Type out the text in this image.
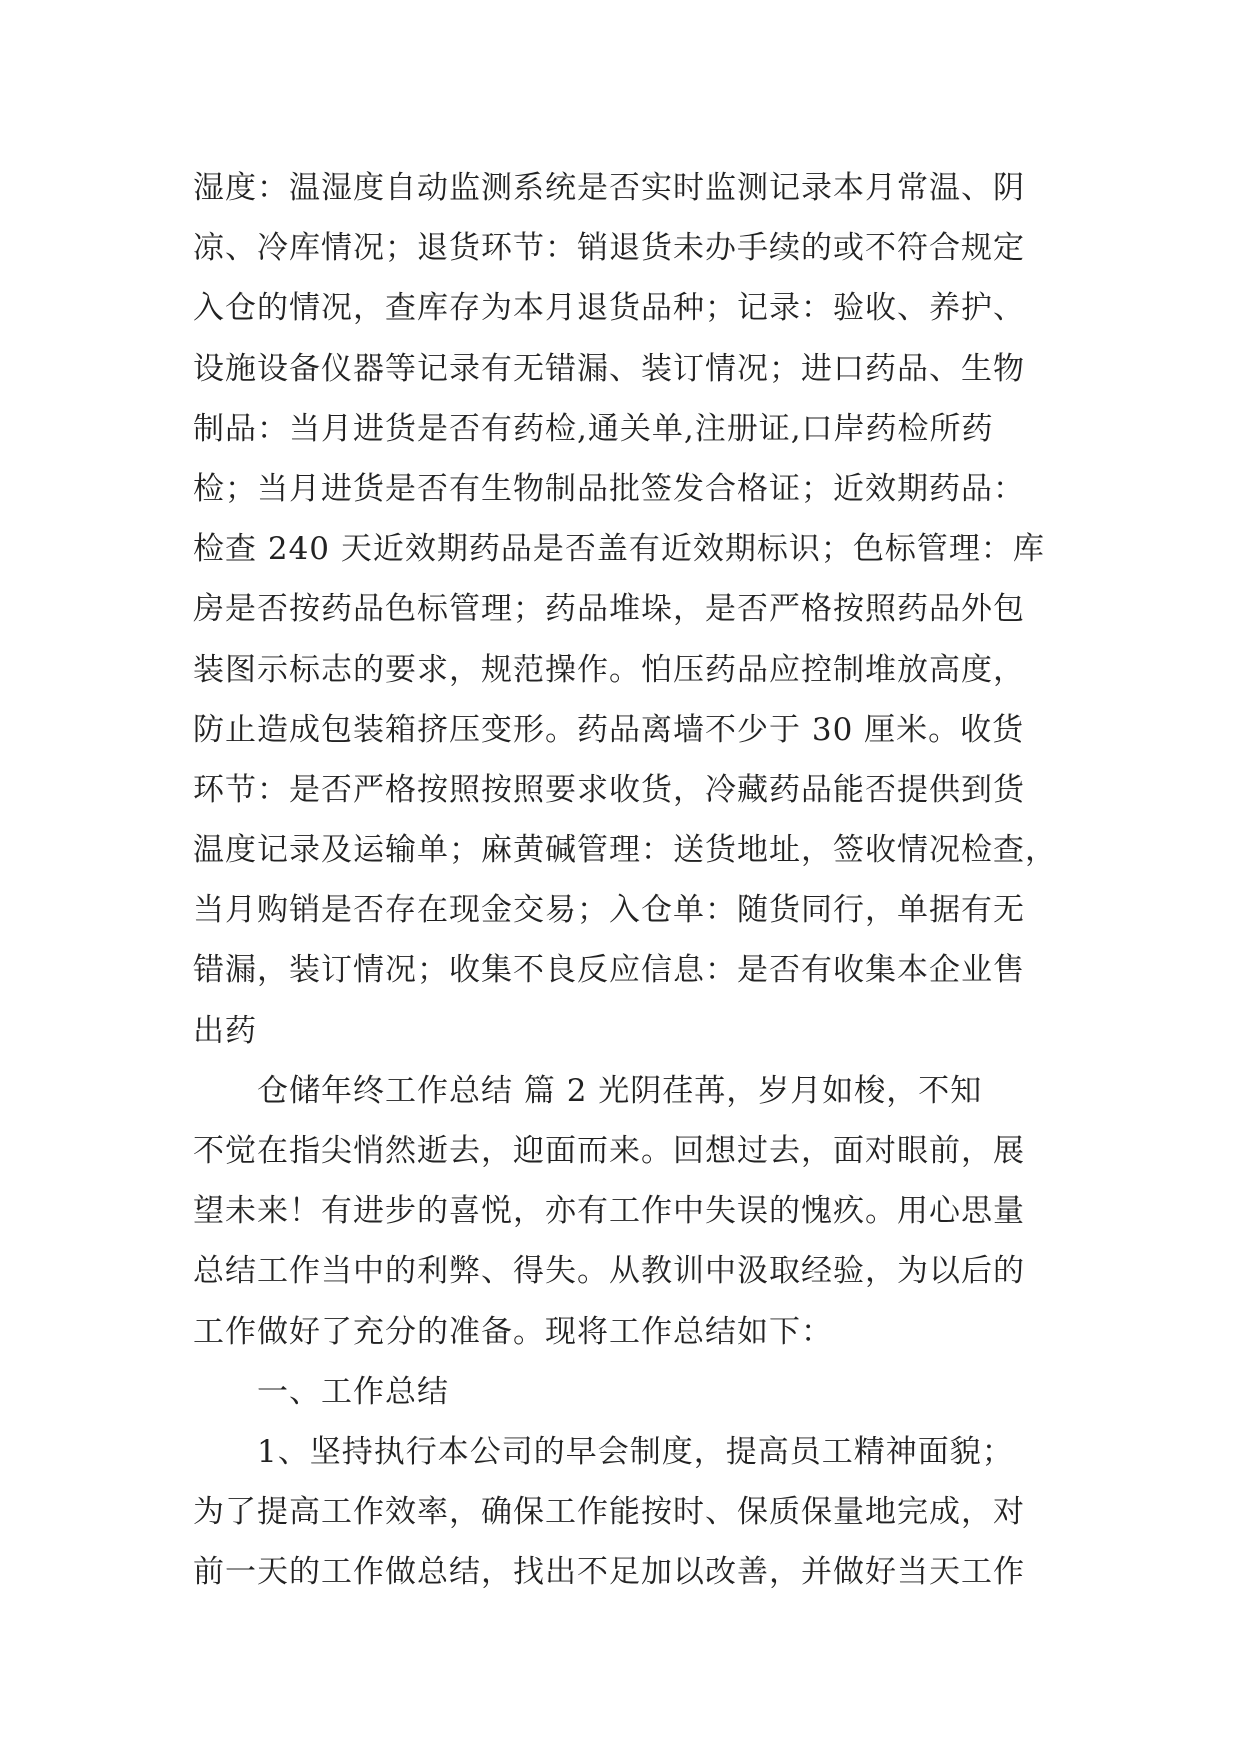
湿度：温湿度自动监测系统是否实时监测记录本月常温、阴
凉、冷库情况；退货环节：销退货未办手续的或不符合规定
入仓的情况，查库存为本月退货品种；记录：验收、养护、
设施设备仪器等记录有无错漏、装订情况；进口药品、生物
制品：当月进货是否有药检,通关单,注册证,口岸药检所药
检；当月进货是否有生物制品批签发合格证；近效期药品：
检查 240 天近效期药品是否盖有近效期标识；色标管理：库
房是否按药品色标管理；药品堆垛，是否严格按照药品外包
装图示标志的要求，规范操作。怕压药品应控制堆放高度，
防止造成包装箱挤压变形。药品离墙不少于 30 厘米。收货
环节：是否严格按照按照要求收货，冷藏药品能否提供到货
温度记录及运输单；麻黄碱管理：送货地址，签收情况检查，
当月购销是否存在现金交易；入仓单：随货同行，单据有无
错漏，装订情况；收集不良反应信息：是否有收集本企业售
出药
仓储年终工作总结 篇 2 光阴荏苒，岁月如梭，不知
不觉在指尖悄然逝去，迎面而来。回想过去，面对眼前，展
望未来！有进步的喜悦，亦有工作中失误的愧疚。用心思量
总结工作当中的利弊、得失。从教训中汲取经验，为以后的
工作做好了充分的准备。现将工作总结如下：
一、工作总结
1、坚持执行本公司的早会制度，提高员工精神面貌；
为了提高工作效率，确保工作能按时、保质保量地完成，对
前一天的工作做总结，找出不足加以改善，并做好当天工作
